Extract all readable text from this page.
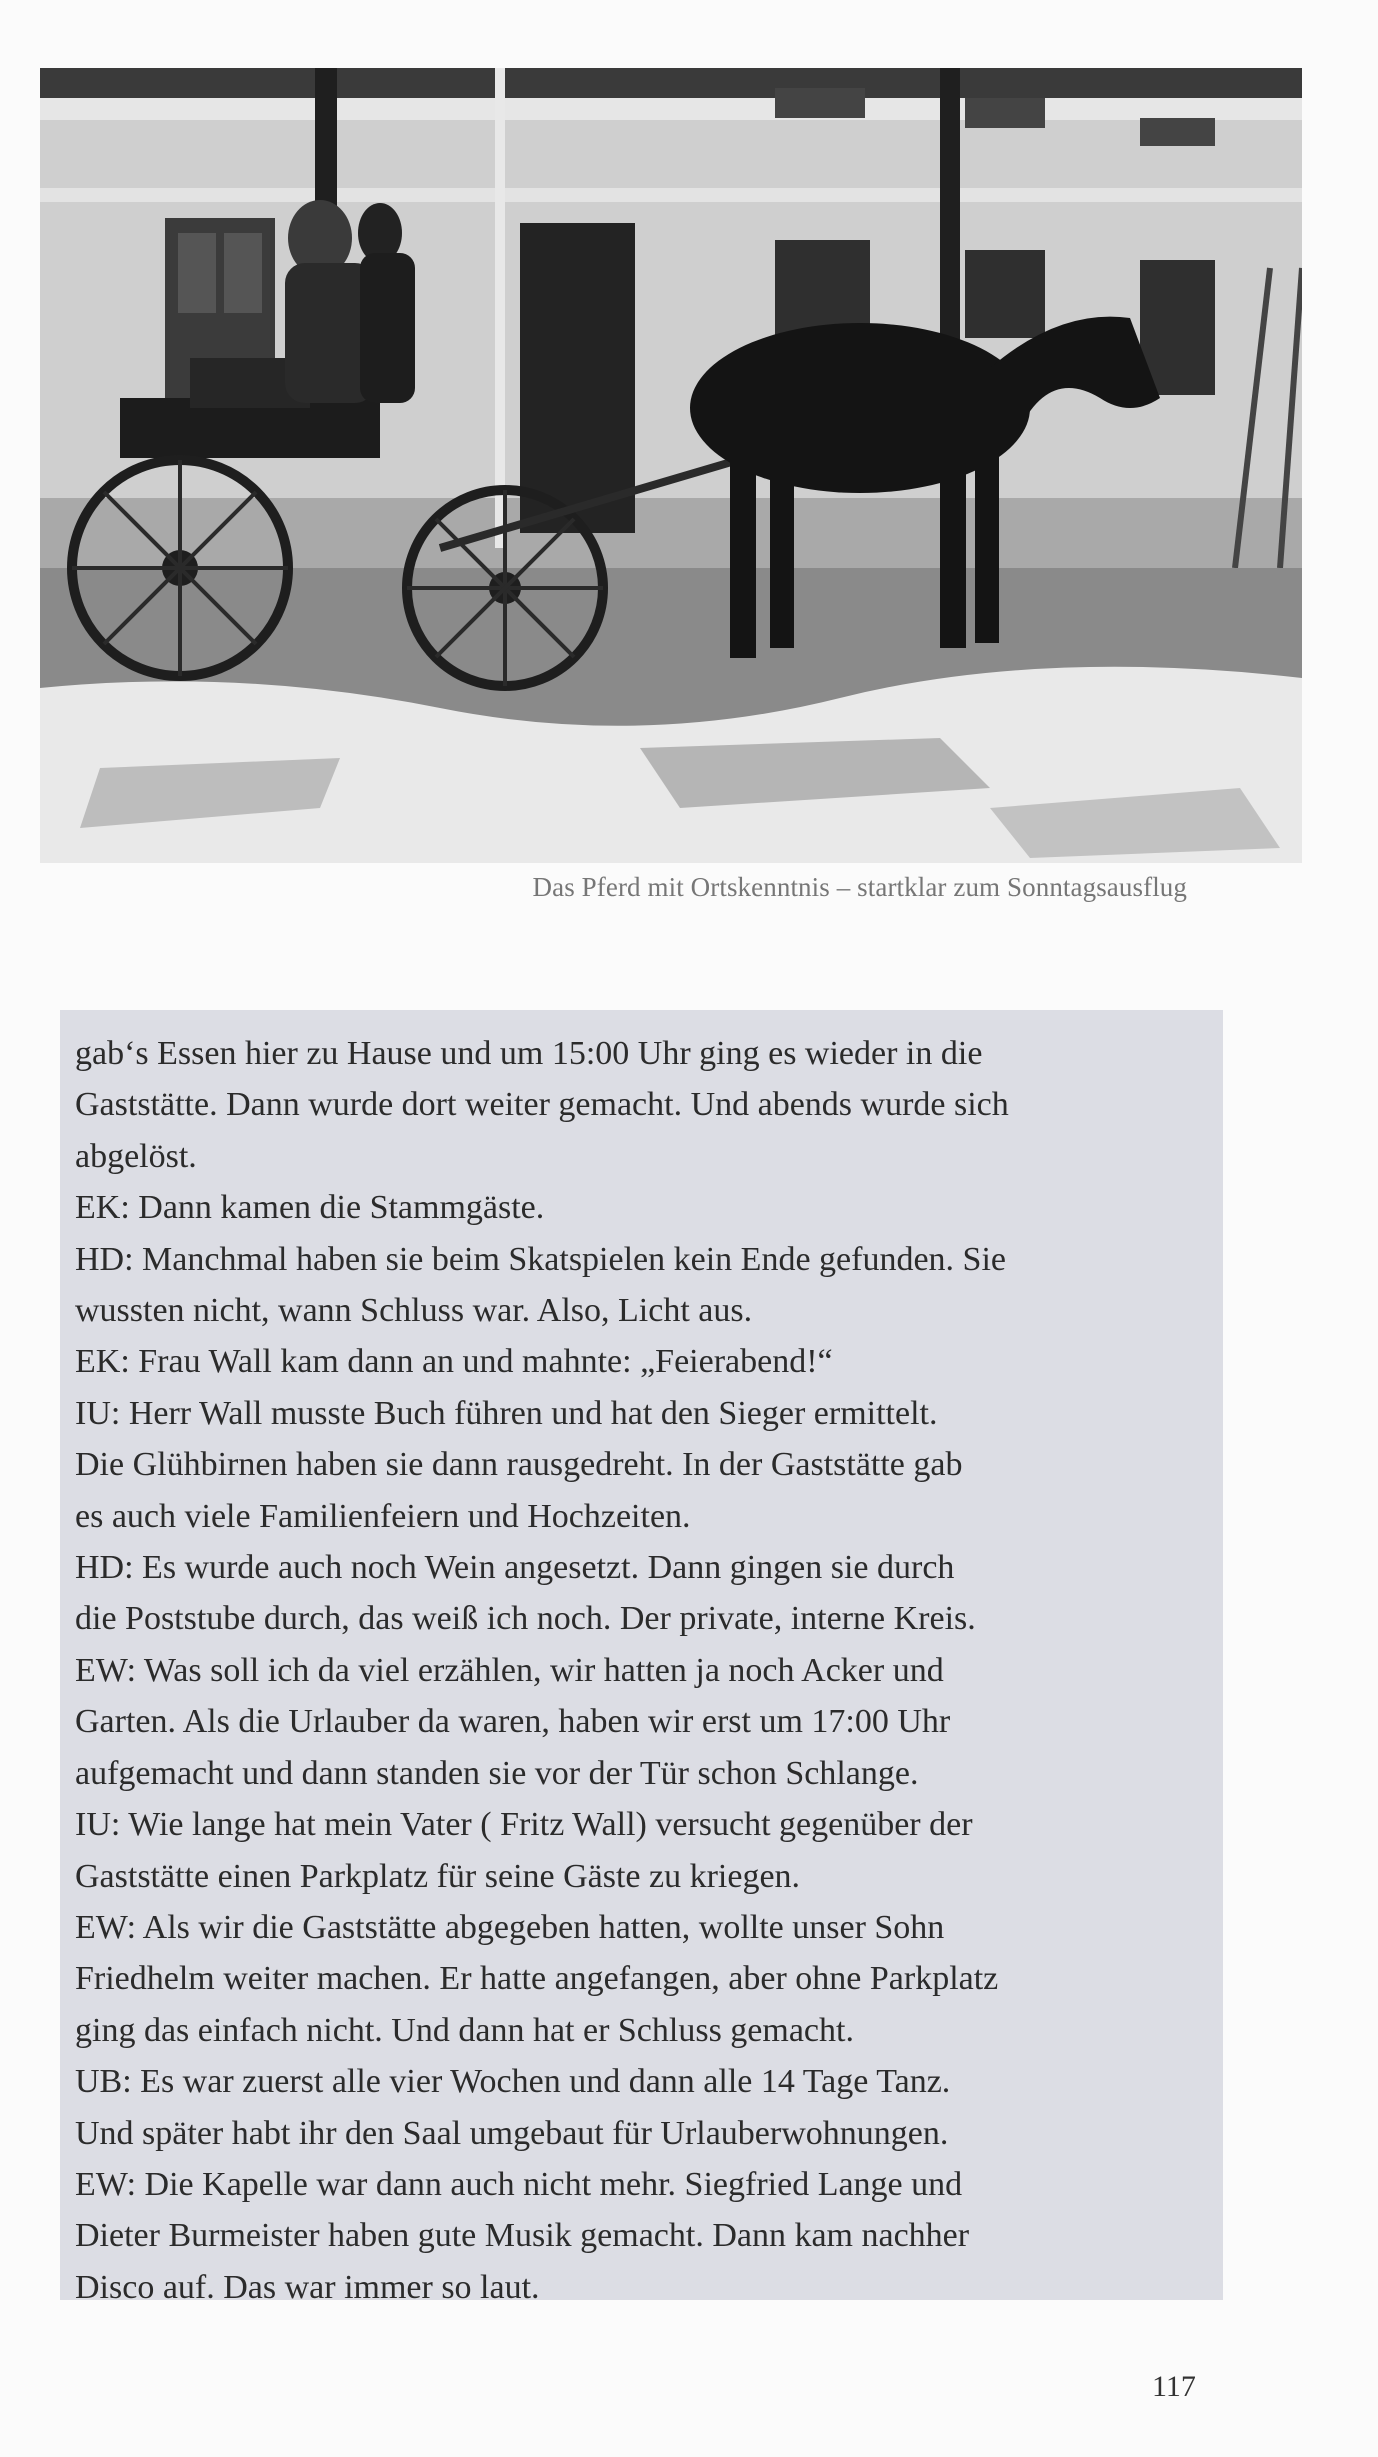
Das Pferd mit Ortskenntnis – startklar zum Sonntagsausflug
gab‘s Essen hier zu Hause und um 15:00 Uhr ging es wieder in die
Gaststätte. Dann wurde dort weiter gemacht. Und abends wurde sich
abgelöst.
EK: Dann kamen die Stammgäste.
HD: Manchmal haben sie beim Skatspielen kein Ende gefunden. Sie
wussten nicht, wann Schluss war. Also, Licht aus.
EK: Frau Wall kam dann an und mahnte: „Feierabend!“
IU: Herr Wall musste Buch führen und hat den Sieger ermittelt.
Die Glühbirnen haben sie dann rausgedreht. In der Gaststätte gab
es auch viele Familienfeiern und Hochzeiten.
HD: Es wurde auch noch Wein angesetzt. Dann gingen sie durch
die Poststube durch, das weiß ich noch. Der private, interne Kreis.
EW: Was soll ich da viel erzählen, wir hatten ja noch Acker und
Garten. Als die Urlauber da waren, haben wir erst um 17:00 Uhr
aufgemacht und dann standen sie vor der Tür schon Schlange.
IU: Wie lange hat mein Vater ( Fritz Wall) versucht gegenüber der
Gaststätte einen Parkplatz für seine Gäste zu kriegen.
EW: Als wir die Gaststätte abgegeben hatten, wollte unser Sohn
Friedhelm weiter machen. Er hatte angefangen, aber ohne Parkplatz
ging das einfach nicht. Und dann hat er Schluss gemacht.
UB: Es war zuerst alle vier Wochen und dann alle 14 Tage Tanz.
Und später habt ihr den Saal umgebaut für Urlauberwohnungen.
EW: Die Kapelle war dann auch nicht mehr. Siegfried Lange und
Dieter Burmeister haben gute Musik gemacht. Dann kam nachher
Disco auf. Das war immer so laut.
117
